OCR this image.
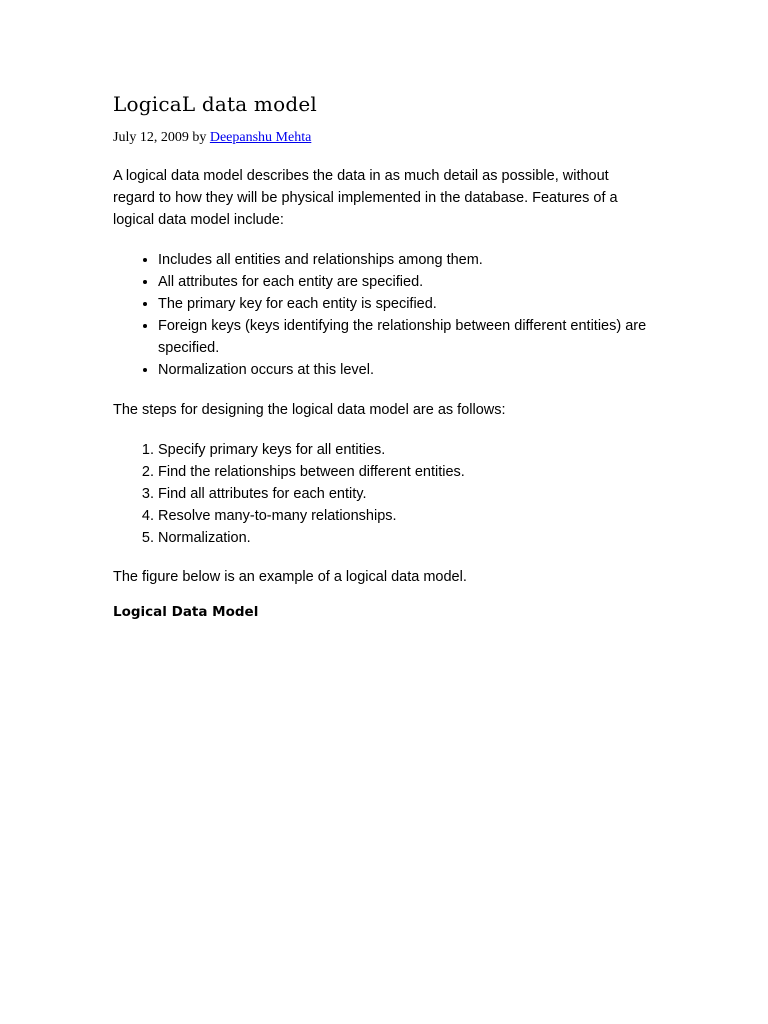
LogicaL data model
July 12, 2009 by Deepanshu Mehta

A logical data model describes the data in as much detail as possible, without regard to how they will be physical implemented in the database. Features of a logical data model include:

• Includes all entities and relationships among them.
• All attributes for each entity are specified.
• The primary key for each entity is specified.
• Foreign keys (keys identifying the relationship between different entities) are specified.
• Normalization occurs at this level.

The steps for designing the logical data model are as follows:

1. Specify primary keys for all entities.
2. Find the relationships between different entities.
3. Find all attributes for each entity.
4. Resolve many-to-many relationships.
5. Normalization.

The figure below is an example of a logical data model.

Logical Data Model
